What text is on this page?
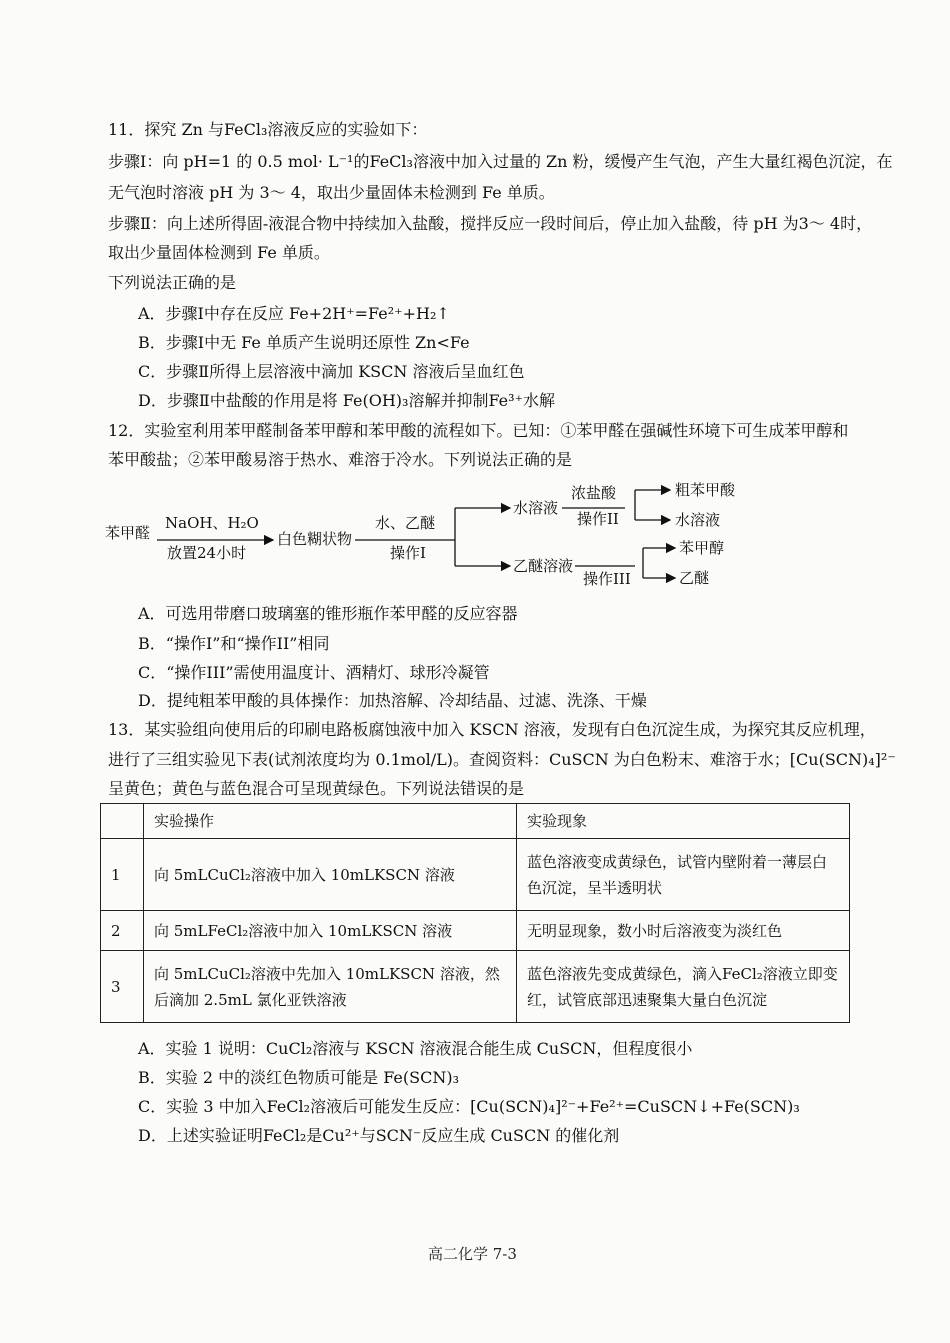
11．探究 Zn 与FeCl₃溶液反应的实验如下：
步骤Ⅰ：向 pH=1 的 0.5 mol· L⁻¹的FeCl₃溶液中加入过量的 Zn 粉，缓慢产生气泡，产生大量红褐色沉淀，在
无气泡时溶液 pH 为 3～ 4，取出少量固体未检测到 Fe 单质。
步骤Ⅱ：向上述所得固-液混合物中持续加入盐酸，搅拌反应一段时间后，停止加入盐酸，待 pH 为3～ 4时，
取出少量固体检测到 Fe 单质。
下列说法正确的是
A．步骤Ⅰ中存在反应 Fe+2H⁺=Fe²⁺+H₂↑
B．步骤Ⅰ中无 Fe 单质产生说明还原性 Zn<Fe
C．步骤Ⅱ所得上层溶液中滴加 KSCN 溶液后呈血红色
D．步骤Ⅱ中盐酸的作用是将 Fe(OH)₃溶解并抑制Fe³⁺水解
12．实验室利用苯甲醛制备苯甲醇和苯甲酸的流程如下。已知：①苯甲醛在强碱性环境下可生成苯甲醇和
苯甲酸盐；②苯甲酸易溶于热水、难溶于冷水。下列说法正确的是
苯甲醛
NaOH、H₂O
放置24小时
白色糊状物
水、乙醚
操作I
水溶液
浓盐酸
操作II
粗苯甲酸
水溶液
乙醚溶液
操作III
苯甲醇
乙醚
A．可选用带磨口玻璃塞的锥形瓶作苯甲醛的反应容器
B．“操作I”和“操作II”相同
C．“操作III”需使用温度计、酒精灯、球形冷凝管
D．提纯粗苯甲酸的具体操作：加热溶解、冷却结晶、过滤、洗涤、干燥
13．某实验组向使用后的印刷电路板腐蚀液中加入 KSCN 溶液，发现有白色沉淀生成，为探究其反应机理，
进行了三组实验见下表(试剂浓度均为 0.1mol/L)。查阅资料：CuSCN 为白色粉末、难溶于水；[Cu(SCN)₄]²⁻
呈黄色；黄色与蓝色混合可呈现黄绿色。下列说法错误的是
	实验操作	实验现象
1	向 5mLCuCl₂溶液中加入 10mLKSCN 溶液	蓝色溶液变成黄绿色，试管内壁附着一薄层白色沉淀，呈半透明状
2	向 5mLFeCl₂溶液中加入 10mLKSCN 溶液	无明显现象，数小时后溶液变为淡红色
3	向 5mLCuCl₂溶液中先加入 10mLKSCN 溶液，然后滴加 2.5mL 氯化亚铁溶液	蓝色溶液先变成黄绿色，滴入FeCl₂溶液立即变红，试管底部迅速聚集大量白色沉淀
A．实验 1 说明：CuCl₂溶液与 KSCN 溶液混合能生成 CuSCN，但程度很小
B．实验 2 中的淡红色物质可能是 Fe(SCN)₃
C．实验 3 中加入FeCl₂溶液后可能发生反应：[Cu(SCN)₄]²⁻+Fe²⁺=CuSCN↓+Fe(SCN)₃
D．上述实验证明FeCl₂是Cu²⁺与SCN⁻反应生成 CuSCN 的催化剂
高二化学 7-3
